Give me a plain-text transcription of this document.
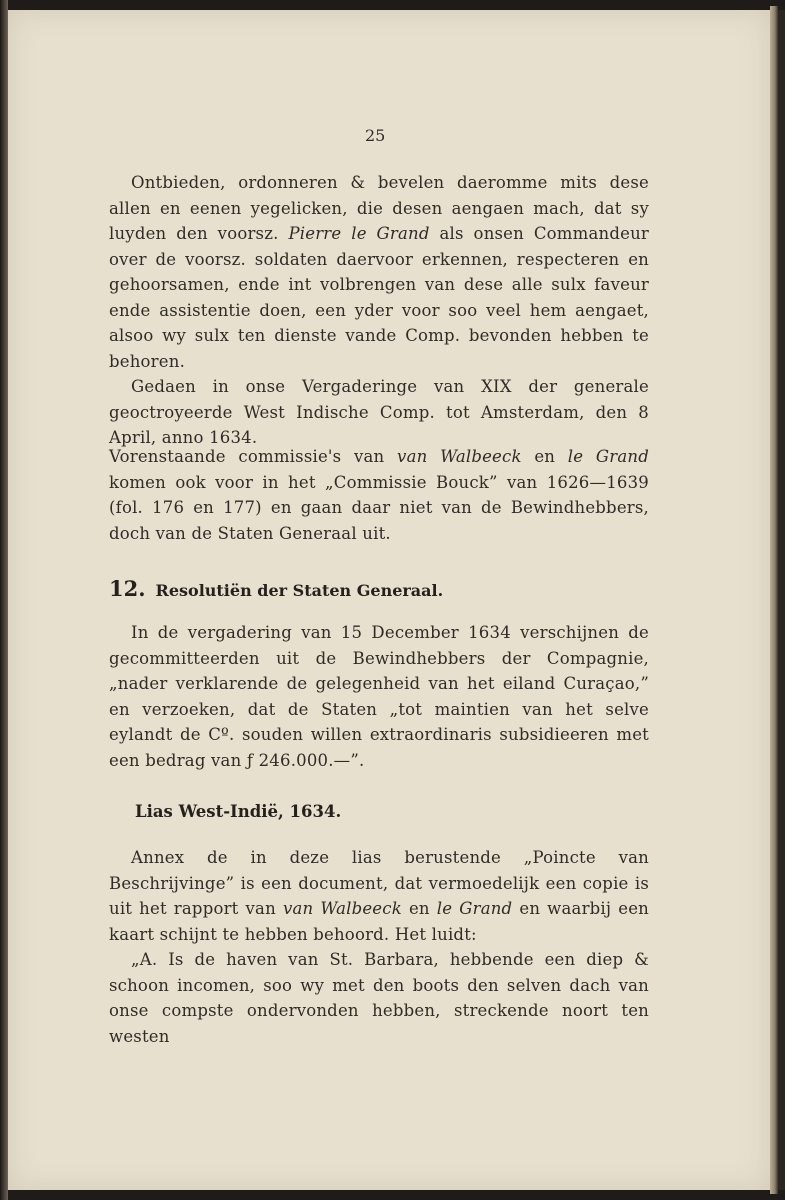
25

Ontbieden, ordonneren & bevelen daeromme mits dese allen en eenen yegelicken, die desen aengaen mach, dat sy luyden den voorsz. Pierre le Grand als onsen Commandeur over de voorsz. soldaten daervoor erkennen, respecteren en gehoorsamen, ende int volbrengen van dese alle sulx faveur ende assistentie doen, een yder voor soo veel hem aengaet, alsoo wy sulx ten dienste vande Comp. bevonden hebben te behoren.

Gedaen in onse Vergaderinge van XIX der generale geoctroyeerde West Indische Comp. tot Amsterdam, den 8 April, anno 1634.

Vorenstaande commissie's van van Walbeeck en le Grand komen ook voor in het „Commissie Bouck” van 1626—1639 (fol. 176 en 177) en gaan daar niet van de Bewindhebbers, doch van de Staten Generaal uit.

12. Resolutiën der Staten Generaal.

In de vergadering van 15 December 1634 verschijnen de gecommitteerden uit de Bewindhebbers der Compagnie, „nader verklarende de gelegenheid van het eiland Curaçao,” en verzoeken, dat de Staten „tot maintien van het selve eylandt de Cº. souden willen extraordinaris subsidieeren met een bedrag van ƒ 246.000.—”.

Lias West-Indië, 1634.

Annex de in deze lias berustende „Poincte van Beschrijvinge” is een document, dat vermoedelijk een copie is uit het rapport van van Walbeeck en le Grand en waarbij een kaart schijnt te hebben behoord. Het luidt:

„A. Is de haven van St. Barbara, hebbende een diep & schoon incomen, soo wy met den boots den selven dach van onse compste ondervonden hebben, streckende noort ten westen
